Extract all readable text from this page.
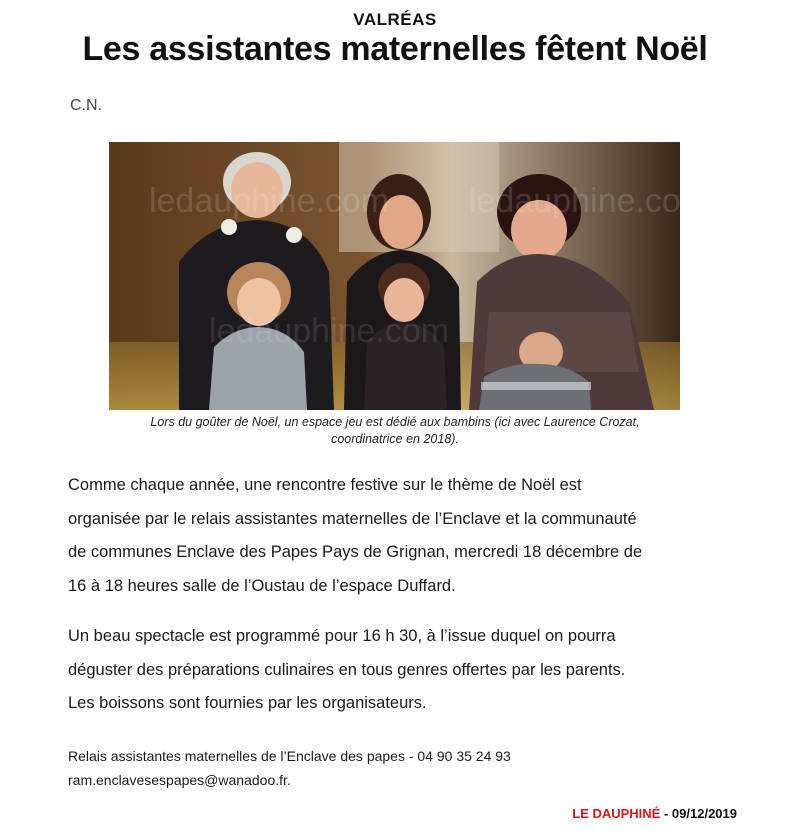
VALRÉAS
Les assistantes maternelles fêtent Noël
C.N.
ledauphine.com ledauphine.com
ledauphine.com
Lors du goûter de Noël, un espace jeu est dédié aux bambins (ici avec Laurence Crozat,
coordinatrice en 2018).
Comme chaque année, une rencontre festive sur le thème de Noël est
organisée par le relais assistantes maternelles de l’Enclave et la communauté
de communes Enclave des Papes Pays de Grignan, mercredi 18 décembre de
16 à 18 heures salle de l’Oustau de l’espace Duffard.
Un beau spectacle est programmé pour 16 h 30, à l’issue duquel on pourra
déguster des préparations culinaires en tous genres offertes par les parents.
Les boissons sont fournies par les organisateurs.
Relais assistantes maternelles de l’Enclave des papes - 04 90 35 24 93
ram.enclavesespapes@wanadoo.fr.
LE DAUPHINÉ - 09/12/2019
